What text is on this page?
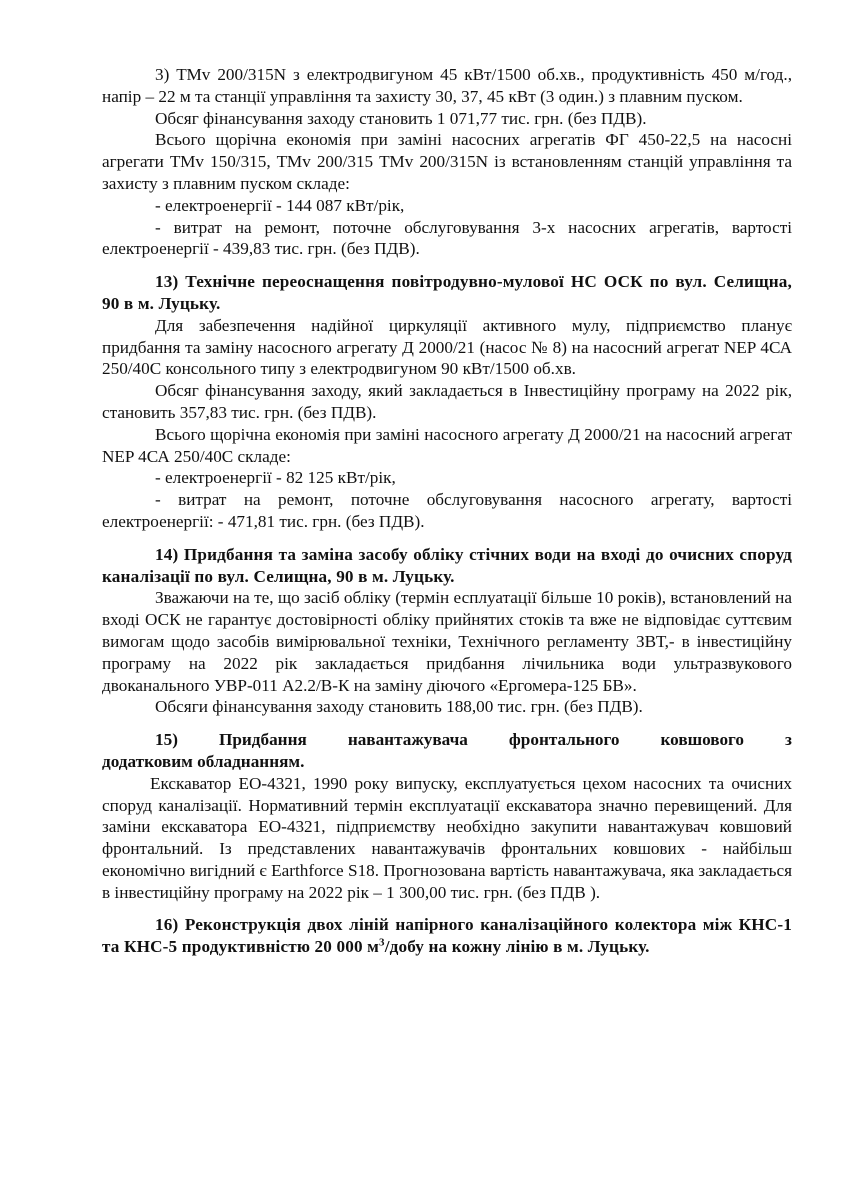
3) ТМv 200/315N з електродвигуном 45 кВт/1500 об.хв., продуктивність 450 м/год., напір – 22 м та станції управління та захисту 30, 37, 45 кВт (3 один.) з плавним пуском.

Обсяг фінансування заходу становить 1 071,77 тис. грн. (без ПДВ).

Всього щорічна економія при заміні насосних агрегатів ФГ 450-22,5 на насосні агрегати ТМv 150/315, ТМv 200/315 ТМv 200/315N із встановленням станцій управління та захисту з плавним пуском складе:

- електроенергії - 144 087 кВт/рік,

- витрат на ремонт, поточне обслуговування 3-х насосних агрегатів, вартості електроенергії - 439,83 тис. грн. (без ПДВ).

13) Технічне переоснащення повітродувно-мулової НС ОСК по вул. Селищна, 90 в м. Луцьку.

Для забезпечення надійної циркуляції активного мулу, підприємство планує придбання та заміну насосного агрегату Д 2000/21 (насос № 8) на насосний агрегат NEP 4СА 250/40С консольного типу з електродвигуном 90 кВт/1500 об.хв.

Обсяг фінансування заходу, який закладається в Інвестиційну програму на 2022 рік, становить 357,83 тис. грн. (без ПДВ).

Всього щорічна економія при заміні насосного агрегату Д 2000/21 на насосний агрегат NEP 4СА 250/40С складе:

- електроенергії - 82 125 кВт/рік,

- витрат на ремонт, поточне обслуговування насосного агрегату, вартості електроенергії: - 471,81 тис. грн. (без ПДВ).

14) Придбання та заміна засобу обліку стічних води на вході до очисних споруд каналізації по вул. Селищна, 90 в м. Луцьку.

Зважаючи на те, що засіб обліку (термін есплуатації більше 10 років), встановлений на вході ОСК не гарантує достовірності обліку прийнятих стоків та вже не відповідає суттєвим вимогам щодо засобів вимірювальної техніки, Технічного регламенту ЗВТ,- в інвестиційну програму на 2022 рік закладається придбання лічильника води ультразвукового двоканального УВР-011 А2.2/В-К на заміну діючого «Ергомера-125 БВ».

Обсяги фінансування заходу становить 188,00 тис. грн. (без ПДВ).

15) Придбання навантажувача фронтального ковшового з
додатковим обладнанням.

Екскаватор ЕО-4321, 1990 року випуску, експлуатується цехом насосних та очисних споруд каналізації. Нормативний термін експлуатації екскаватора значно перевищений. Для заміни екскаватора ЕО-4321, підприємству необхідно закупити навантажувач ковшовий фронтальний. Із представлених навантажувачів фронтальних ковшових - найбільш економічно вигідний є Earthforce S18. Прогнозована вартість навантажувача, яка закладається в інвестиційну програму на 2022 рік – 1 300,00 тис. грн. (без ПДВ ).

16) Реконструкція двох ліній напірного каналізаційного колектора між КНС-1 та КНС-5 продуктивністю 20 000 $м^3$/добу на кожну лінію в м. Луцьку.
